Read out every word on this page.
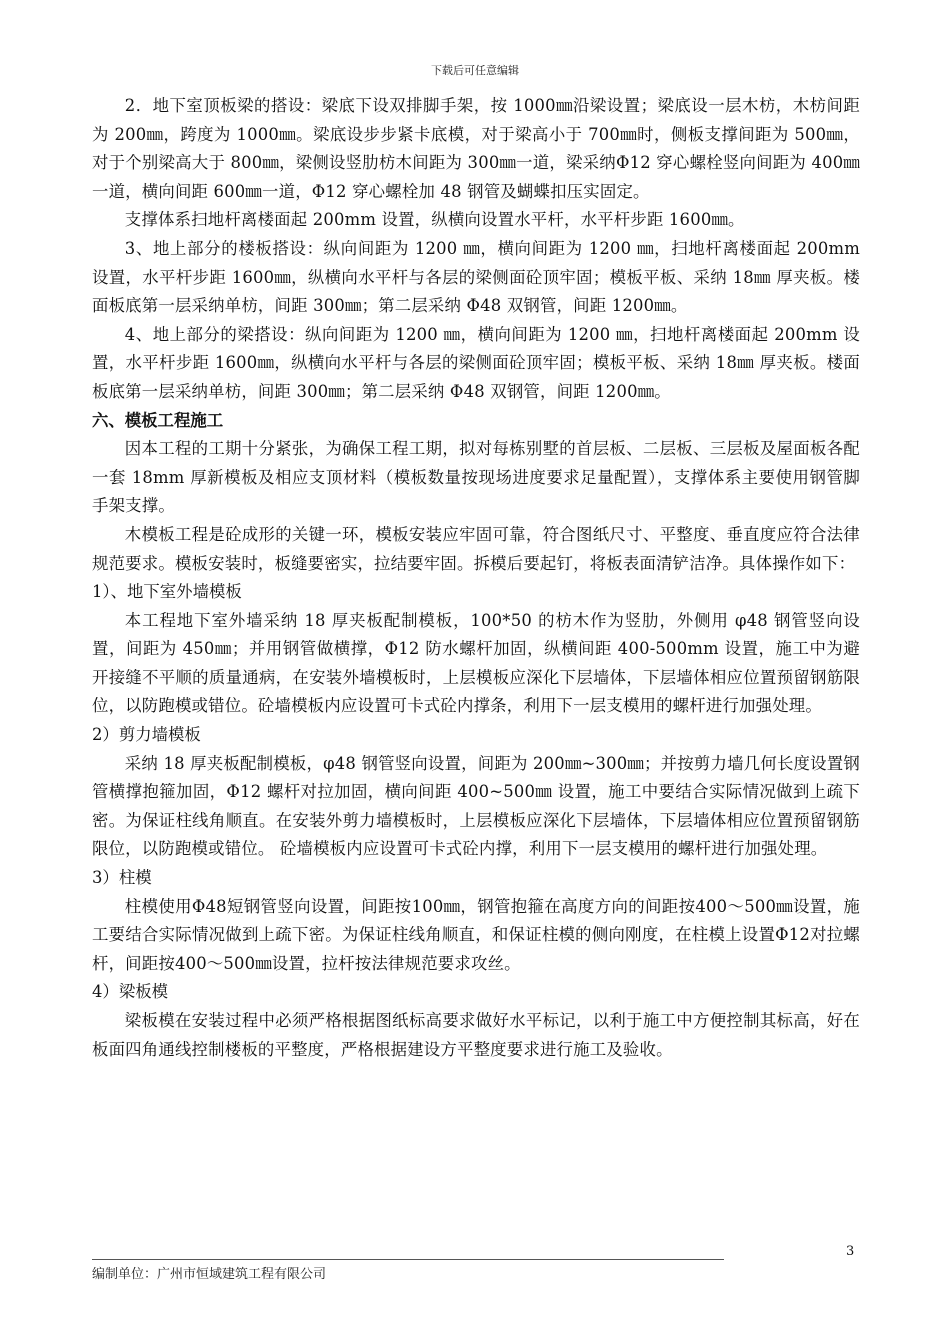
下载后可任意编辑

2．地下室顶板梁的搭设：梁底下设双排脚手架，按 1000㎜沿梁设置；梁底设一层木枋，木枋间距为 200㎜，跨度为 1000㎜。梁底设步步紧卡底模，对于梁高小于 700㎜时，侧板支撑间距为 500㎜，对于个别梁高大于 800㎜，梁侧设竖肋枋木间距为 300㎜一道，梁采纳Φ12 穿心螺栓竖向间距为 400㎜一道，横向间距 600㎜一道，Φ12 穿心螺栓加 48 钢管及蝴蝶扣压实固定。

支撑体系扫地杆离楼面起 200mm 设置，纵横向设置水平杆，水平杆步距 1600㎜。

3、地上部分的楼板搭设：纵向间距为 1200 ㎜，横向间距为 1200 ㎜，扫地杆离楼面起 200mm 设置，水平杆步距 1600㎜，纵横向水平杆与各层的梁侧面砼顶牢固；模板平板、采纳 18㎜ 厚夹板。楼面板底第一层采纳单枋，间距 300㎜；第二层采纳 Φ48 双钢管，间距 1200㎜。

4、地上部分的梁搭设：纵向间距为 1200 ㎜，横向间距为 1200 ㎜，扫地杆离楼面起 200mm 设置，水平杆步距 1600㎜，纵横向水平杆与各层的梁侧面砼顶牢固；模板平板、采纳 18㎜ 厚夹板。楼面板底第一层采纳单枋，间距 300㎜；第二层采纳 Φ48 双钢管，间距 1200㎜。

六、模板工程施工

因本工程的工期十分紧张，为确保工程工期，拟对每栋别墅的首层板、二层板、三层板及屋面板各配一套 18mm 厚新模板及相应支顶材料（模板数量按现场进度要求足量配置），支撑体系主要使用钢管脚手架支撑。

木模板工程是砼成形的关键一环，模板安装应牢固可靠，符合图纸尺寸、平整度、垂直度应符合法律规范要求。模板安装时，板缝要密实，拉结要牢固。拆模后要起钉，将板表面清铲洁净。具体操作如下：

1）、地下室外墙模板

本工程地下室外墙采纳 18 厚夹板配制模板，100*50 的枋木作为竖肋，外侧用 φ48 钢管竖向设置，间距为 450㎜；并用钢管做横撑，Φ12 防水螺杆加固，纵横间距 400-500mm 设置，施工中为避开接缝不平顺的质量通病，在安装外墙模板时，上层模板应深化下层墙体，下层墙体相应位置预留钢筋限位，以防跑模或错位。砼墙模板内应设置可卡式砼内撑条，利用下一层支模用的螺杆进行加强处理。

2）剪力墙模板

采纳 18 厚夹板配制模板，φ48 钢管竖向设置，间距为 200㎜~300㎜；并按剪力墙几何长度设置钢管横撑抱箍加固，Φ12 螺杆对拉加固，横向间距 400~500㎜ 设置，施工中要结合实际情况做到上疏下密。为保证柱线角顺直。在安装外剪力墙模板时，上层模板应深化下层墙体，下层墙体相应位置预留钢筋限位，以防跑模或错位。 砼墙模板内应设置可卡式砼内撑，利用下一层支模用的螺杆进行加强处理。

3）柱模

柱模使用Φ48短钢管竖向设置，间距按100㎜，钢管抱箍在高度方向的间距按400～500㎜设置，施工要结合实际情况做到上疏下密。为保证柱线角顺直，和保证柱模的侧向刚度，在柱模上设置Φ12对拉螺杆，间距按400～500㎜设置，拉杆按法律规范要求攻丝。

4）梁板模

梁板模在安装过程中必须严格根据图纸标高要求做好水平标记，以利于施工中方便控制其标高，好在板面四角通线控制楼板的平整度，严格根据建设方平整度要求进行施工及验收。

3
编制单位：广州市恒域建筑工程有限公司
